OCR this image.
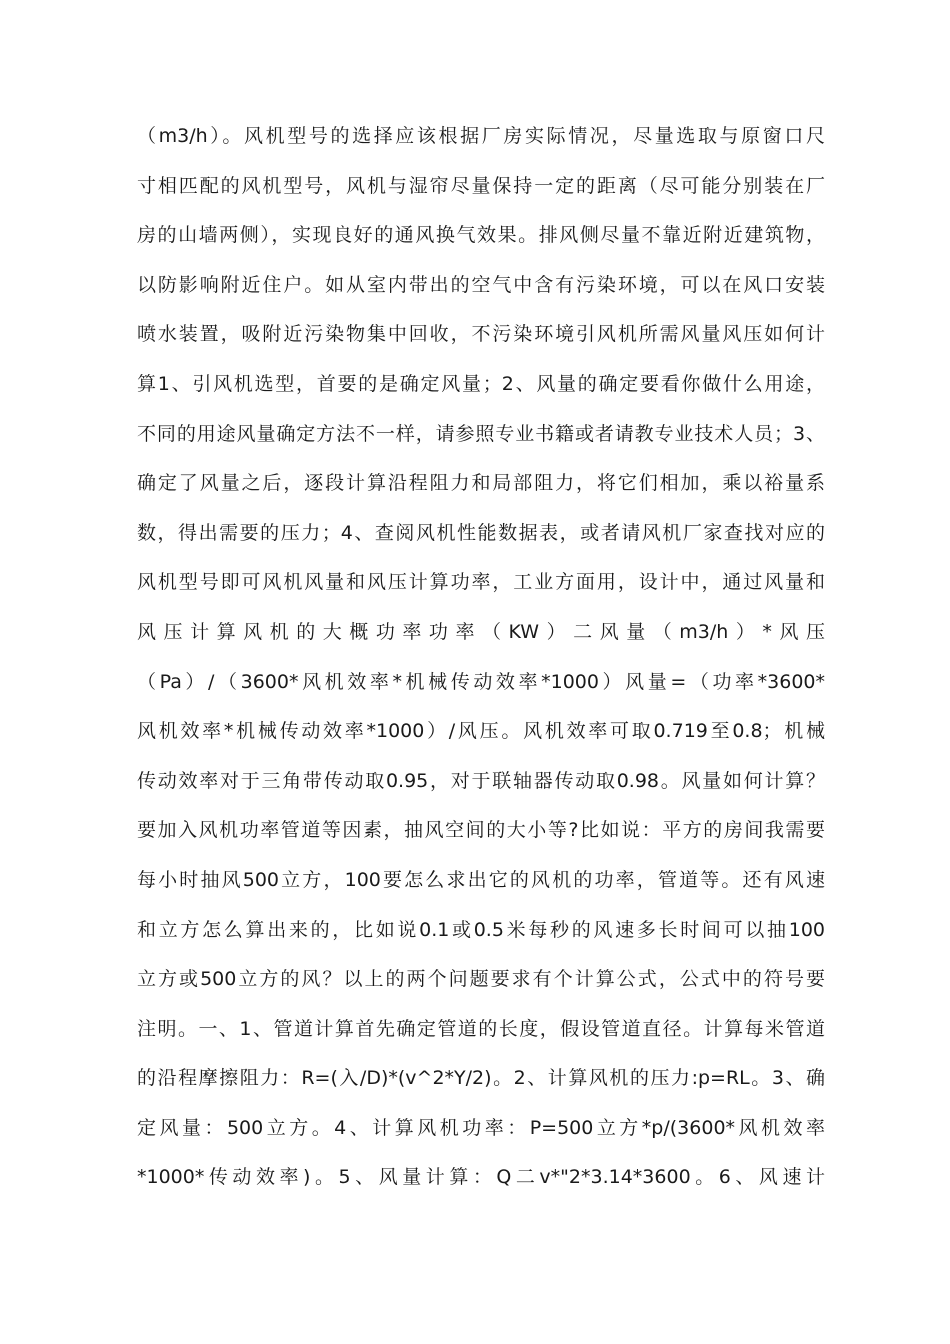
（m3/h）。风机型号的选择应该根据厂房实际情况，尽量选取与原窗口尺
寸相匹配的风机型号，风机与湿帘尽量保持一定的距离（尽可能分别装在厂
房的山墙两侧），实现良好的通风换气效果。排风侧尽量不靠近附近建筑物，
以防影响附近住户。如从室内带出的空气中含有污染环境，可以在风口安装
喷水装置，吸附近污染物集中回收，不污染环境引风机所需风量风压如何计
算1、引风机选型，首要的是确定风量；2、风量的确定要看你做什么用途，
不同的用途风量确定方法不一样，请参照专业书籍或者请教专业技术人员；3、
确定了风量之后，逐段计算沿程阻力和局部阻力，将它们相加，乘以裕量系
数，得出需要的压力；4、查阅风机性能数据表，或者请风机厂家查找对应的
风机型号即可风机风量和风压计算功率，工业方面用，设计中，通过风量和
风压计算风机的大概功率功率（KW）二风量（m3/h）*风压
（Pa）/（3600*风机效率*机械传动效率*1000）风量=（功率*3600*
风机效率*机械传动效率*1000）/风压。风机效率可取0.719至0.8；机械
传动效率对于三角带传动取0.95，对于联轴器传动取0.98。风量如何计算？
要加入风机功率管道等因素，抽风空间的大小等?比如说：平方的房间我需要
每小时抽风500立方，100要怎么求出它的风机的功率，管道等。还有风速
和立方怎么算出来的，比如说0.1或0.5米每秒的风速多长时间可以抽100
立方或500立方的风？以上的两个问题要求有个计算公式，公式中的符号要
注明。一、1、管道计算首先确定管道的长度，假设管道直径。计算每米管道
的沿程摩擦阻力：R=(入/D)*(v^2*Y/2)。2、计算风机的压力:p=RL。3、确
定风量：500立方。4、计算风机功率：P=500立方*p/(3600*风机效率
*1000*传动效率)。5、风量计算：Q二v*"2*3.14*3600。6、风速计
